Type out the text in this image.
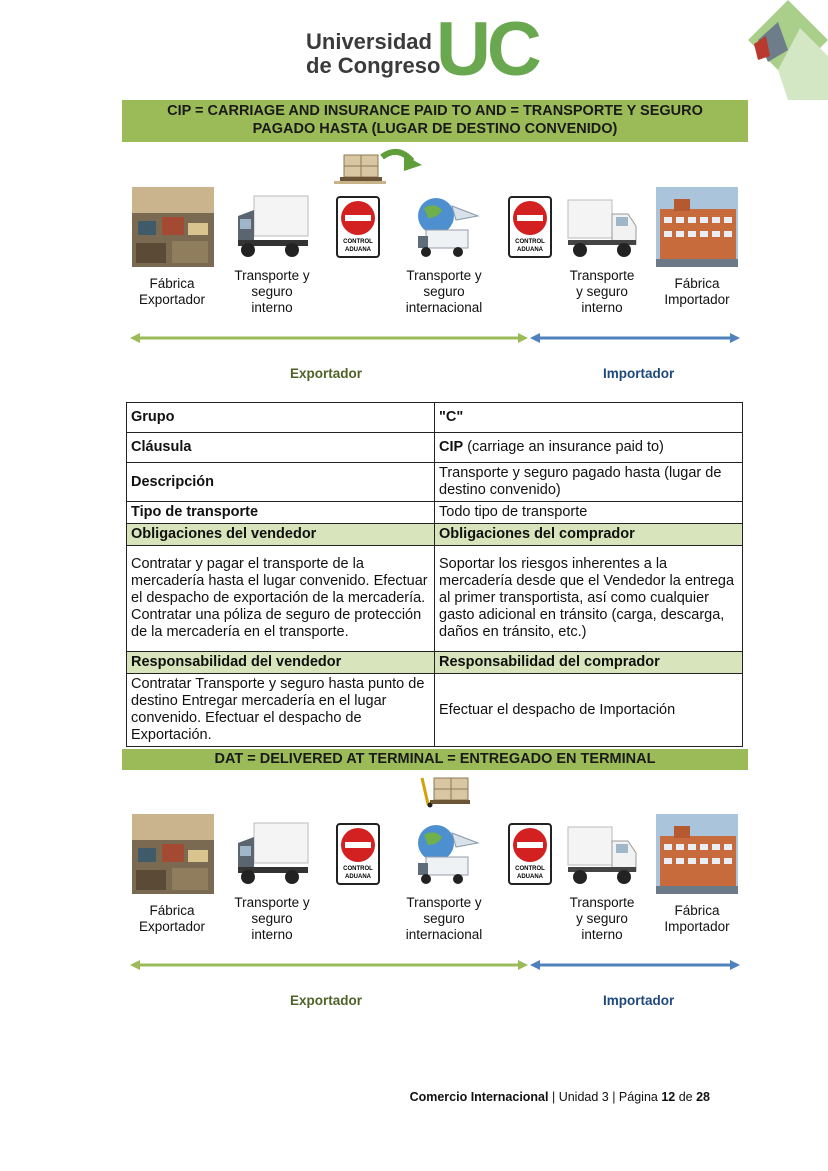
Universidad
de Congreso
UC
CIP = CARRIAGE AND INSURANCE PAID TO AND = TRANSPORTE Y SEGURO
PAGADO HASTA (LUGAR DE DESTINO CONVENIDO)
CONTROL
ADUANA
CONTROL
ADUANA
Fábrica
Exportador
Transporte y
seguro
interno
Transporte y
seguro
internacional
Transporte
y seguro
interno
Fábrica
Importador
Exportador	Importador
Grupo	"C"
Cláusula	CIP (carriage an insurance paid to)
Descripción	Transporte y seguro pagado hasta (lugar de destino convenido)
Tipo de transporte	Todo tipo de transporte
Obligaciones del vendedor	Obligaciones del comprador
Contratar y pagar el transporte de la mercadería hasta el lugar convenido. Efectuar el despacho de exportación de la mercadería. Contratar una póliza de seguro de protección de la mercadería en el transporte.	Soportar los riesgos inherentes a la mercadería desde que el Vendedor la entrega al primer transportista, así como cualquier gasto adicional en tránsito (carga, descarga, daños en tránsito, etc.)
Responsabilidad del vendedor	Responsabilidad del comprador
Contratar Transporte y seguro hasta punto de destino Entregar mercadería en el lugar convenido. Efectuar el despacho de Exportación.	Efectuar el despacho de Importación
DAT = DELIVERED AT TERMINAL = ENTREGADO EN TERMINAL
CONTROL
ADUANA
CONTROL
ADUANA
Fábrica
Exportador
Transporte y
seguro
interno
Transporte y
seguro
internacional
Transporte
y seguro
interno
Fábrica
Importador
Exportador	Importador
Comercio Internacional | Unidad 3 | Página 12 de 28
